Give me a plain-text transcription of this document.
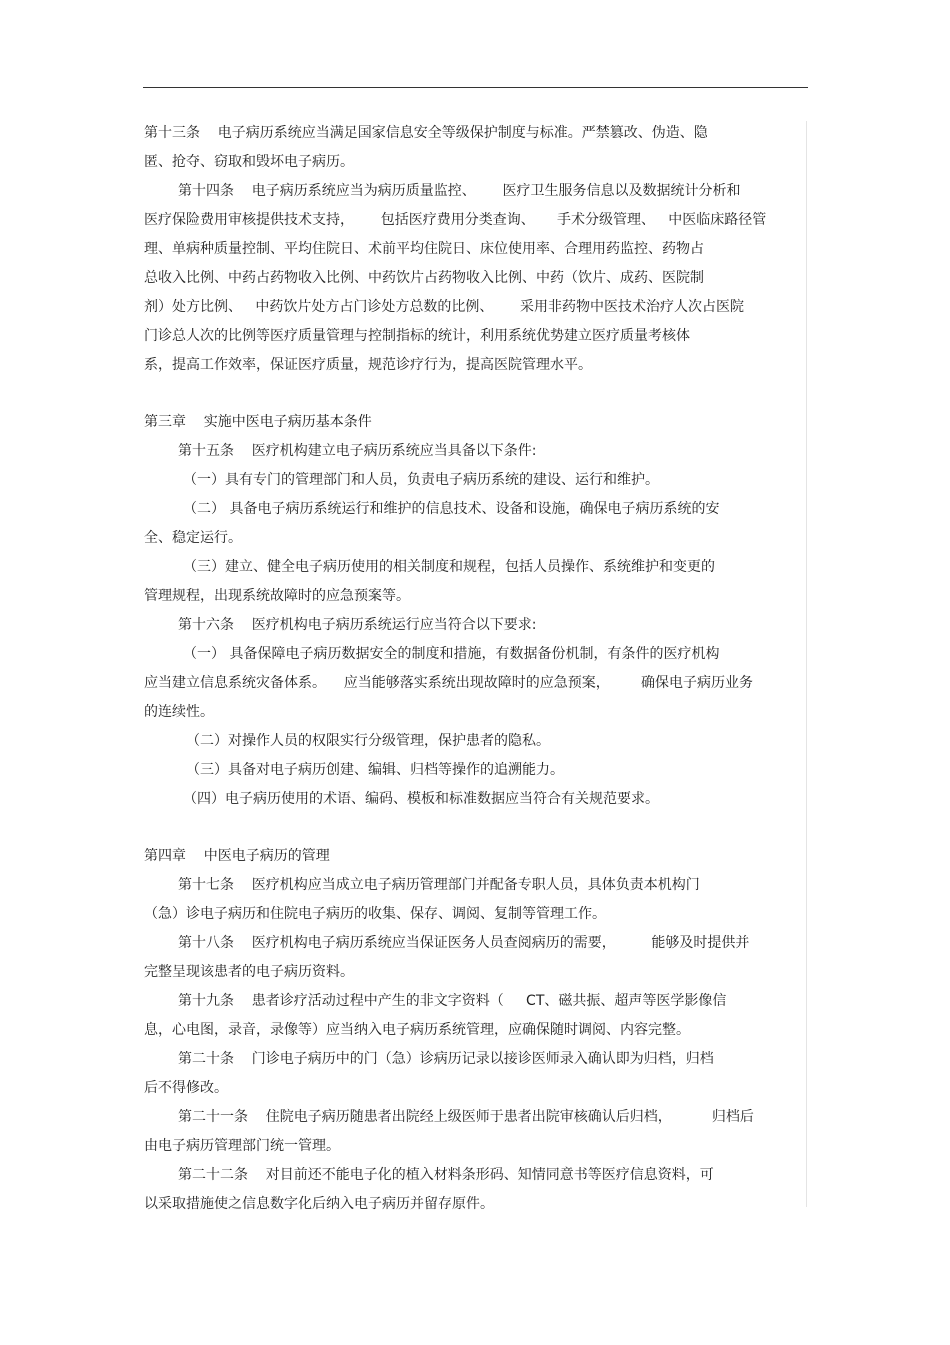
第十三条    电子病历系统应当满足国家信息安全等级保护制度与标准。严禁篡改、伪造、隐
匿、抢夺、窃取和毁坏电子病历。
第十四条    电子病历系统应当为病历质量监控、      医疗卫生服务信息以及数据统计分析和
医疗保险费用审核提供技术支持，      包括医疗费用分类查询、     手术分级管理、   中医临床路径管
理、单病种质量控制、平均住院日、术前平均住院日、床位使用率、合理用药监控、药物占
总收入比例、中药占药物收入比例、中药饮片占药物收入比例、中药（饮片、成药、医院制
剂）处方比例、   中药饮片处方占门诊处方总数的比例、      采用非药物中医技术治疗人次占医院
门诊总人次的比例等医疗质量管理与控制指标的统计，利用系统优势建立医疗质量考核体
系，提高工作效率，保证医疗质量，规范诊疗行为，提高医院管理水平。
第三章    实施中医电子病历基本条件
第十五条    医疗机构建立电子病历系统应当具备以下条件:
（一）具有专门的管理部门和人员，负责电子病历系统的建设、运行和维护。
（二） 具备电子病历系统运行和维护的信息技术、设备和设施，确保电子病历系统的安
全、稳定运行。
（三）建立、健全电子病历使用的相关制度和规程，包括人员操作、系统维护和变更的
管理规程，出现系统故障时的应急预案等。
第十六条    医疗机构电子病历系统运行应当符合以下要求:
（一） 具备保障电子病历数据安全的制度和措施，有数据备份机制，有条件的医疗机构
应当建立信息系统灾备体系。    应当能够落实系统出现故障时的应急预案，       确保电子病历业务
的连续性。
（二）对操作人员的权限实行分级管理，保护患者的隐私。
（三）具备对电子病历创建、编辑、归档等操作的追溯能力。
（四）电子病历使用的术语、编码、模板和标准数据应当符合有关规范要求。
第四章    中医电子病历的管理
第十七条    医疗机构应当成立电子病历管理部门并配备专职人员，具体负责本机构门
（急）诊电子病历和住院电子病历的收集、保存、调阅、复制等管理工作。
第十八条    医疗机构电子病历系统应当保证医务人员查阅病历的需要，        能够及时提供并
完整呈现该患者的电子病历资料。
第十九条    患者诊疗活动过程中产生的非文字资料（     CT、磁共振、超声等医学影像信
息，心电图，录音，录像等）应当纳入电子病历系统管理，应确保随时调阅、内容完整。
第二十条    门诊电子病历中的门（急）诊病历记录以接诊医师录入确认即为归档，归档
后不得修改。
第二十一条    住院电子病历随患者出院经上级医师于患者出院审核确认后归档，         归档后
由电子病历管理部门统一管理。
第二十二条    对目前还不能电子化的植入材料条形码、知情同意书等医疗信息资料，可
以采取措施使之信息数字化后纳入电子病历并留存原件。
